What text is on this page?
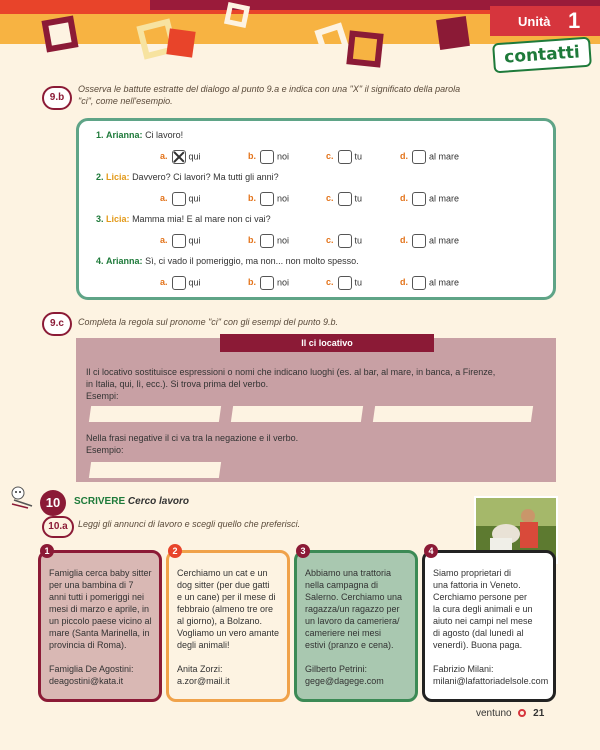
Unità 1
contatti
9.b
Osserva le battute estratte del dialogo al punto 9.a e indica con una "X" il significato della parola
"ci", come nell'esempio.
1. Arianna: Ci lavoro!
a. qui	b. noi	c. tu	d. al mare
2. Licia: Davvero? Ci lavori? Ma tutti gli anni?
a. qui	b. noi	c. tu	d. al mare
3. Licia: Mamma mia! E al mare non ci vai?
a. qui	b. noi	c. tu	d. al mare
4. Arianna: Sì, ci vado il pomeriggio, ma non... non molto spesso.
a. qui	b. noi	c. tu	d. al mare
9.c	Completa la regola sul pronome "ci" con gli esempi del punto 9.b.
Il ci locativo
Il ci locativo sostituisce espressioni o nomi che indicano luoghi (es. al bar, al mare, in banca, a Firenze,
in Italia, qui, lì, ecc.). Si trova prima del verbo.
Esempi:
Nella frasi negative il ci va tra la negazione e il verbo.
Esempio:
10	SCRIVERE Cerco lavoro
10.a	Leggi gli annunci di lavoro e scegli quello che preferisci.
Famiglia cerca baby sitter
per una bambina di 7
anni tutti i pomeriggi nei
mesi di marzo e aprile, in
un piccolo paese vicino al
mare (Santa Marinella, in
provincia di Roma).
Famiglia De Agostini:
deagostini@kata.it
1
Cerchiamo un cat e un
dog sitter (per due gatti
e un cane) per il mese di
febbraio (almeno tre ore
al giorno), a Bolzano.
Vogliamo un vero amante
degli animali!
Anita Zorzi:
a.zor@mail.it
2
Abbiamo una trattoria
nella campagna di
Salerno. Cerchiamo una
ragazza/un ragazzo per
un lavoro da cameriera/
cameriere nei mesi
estivi (pranzo e cena).
Gilberto Petrini:
gege@dagege.com
3
Siamo proprietari di
una fattoria in Veneto.
Cerchiamo persone per
la cura degli animali e un
aiuto nei campi nel mese
di agosto (dal lunedì al
venerdì). Buona paga.
Fabrizio Milani:
milani@lafattoriadelsole.com
4
ventuno 21
